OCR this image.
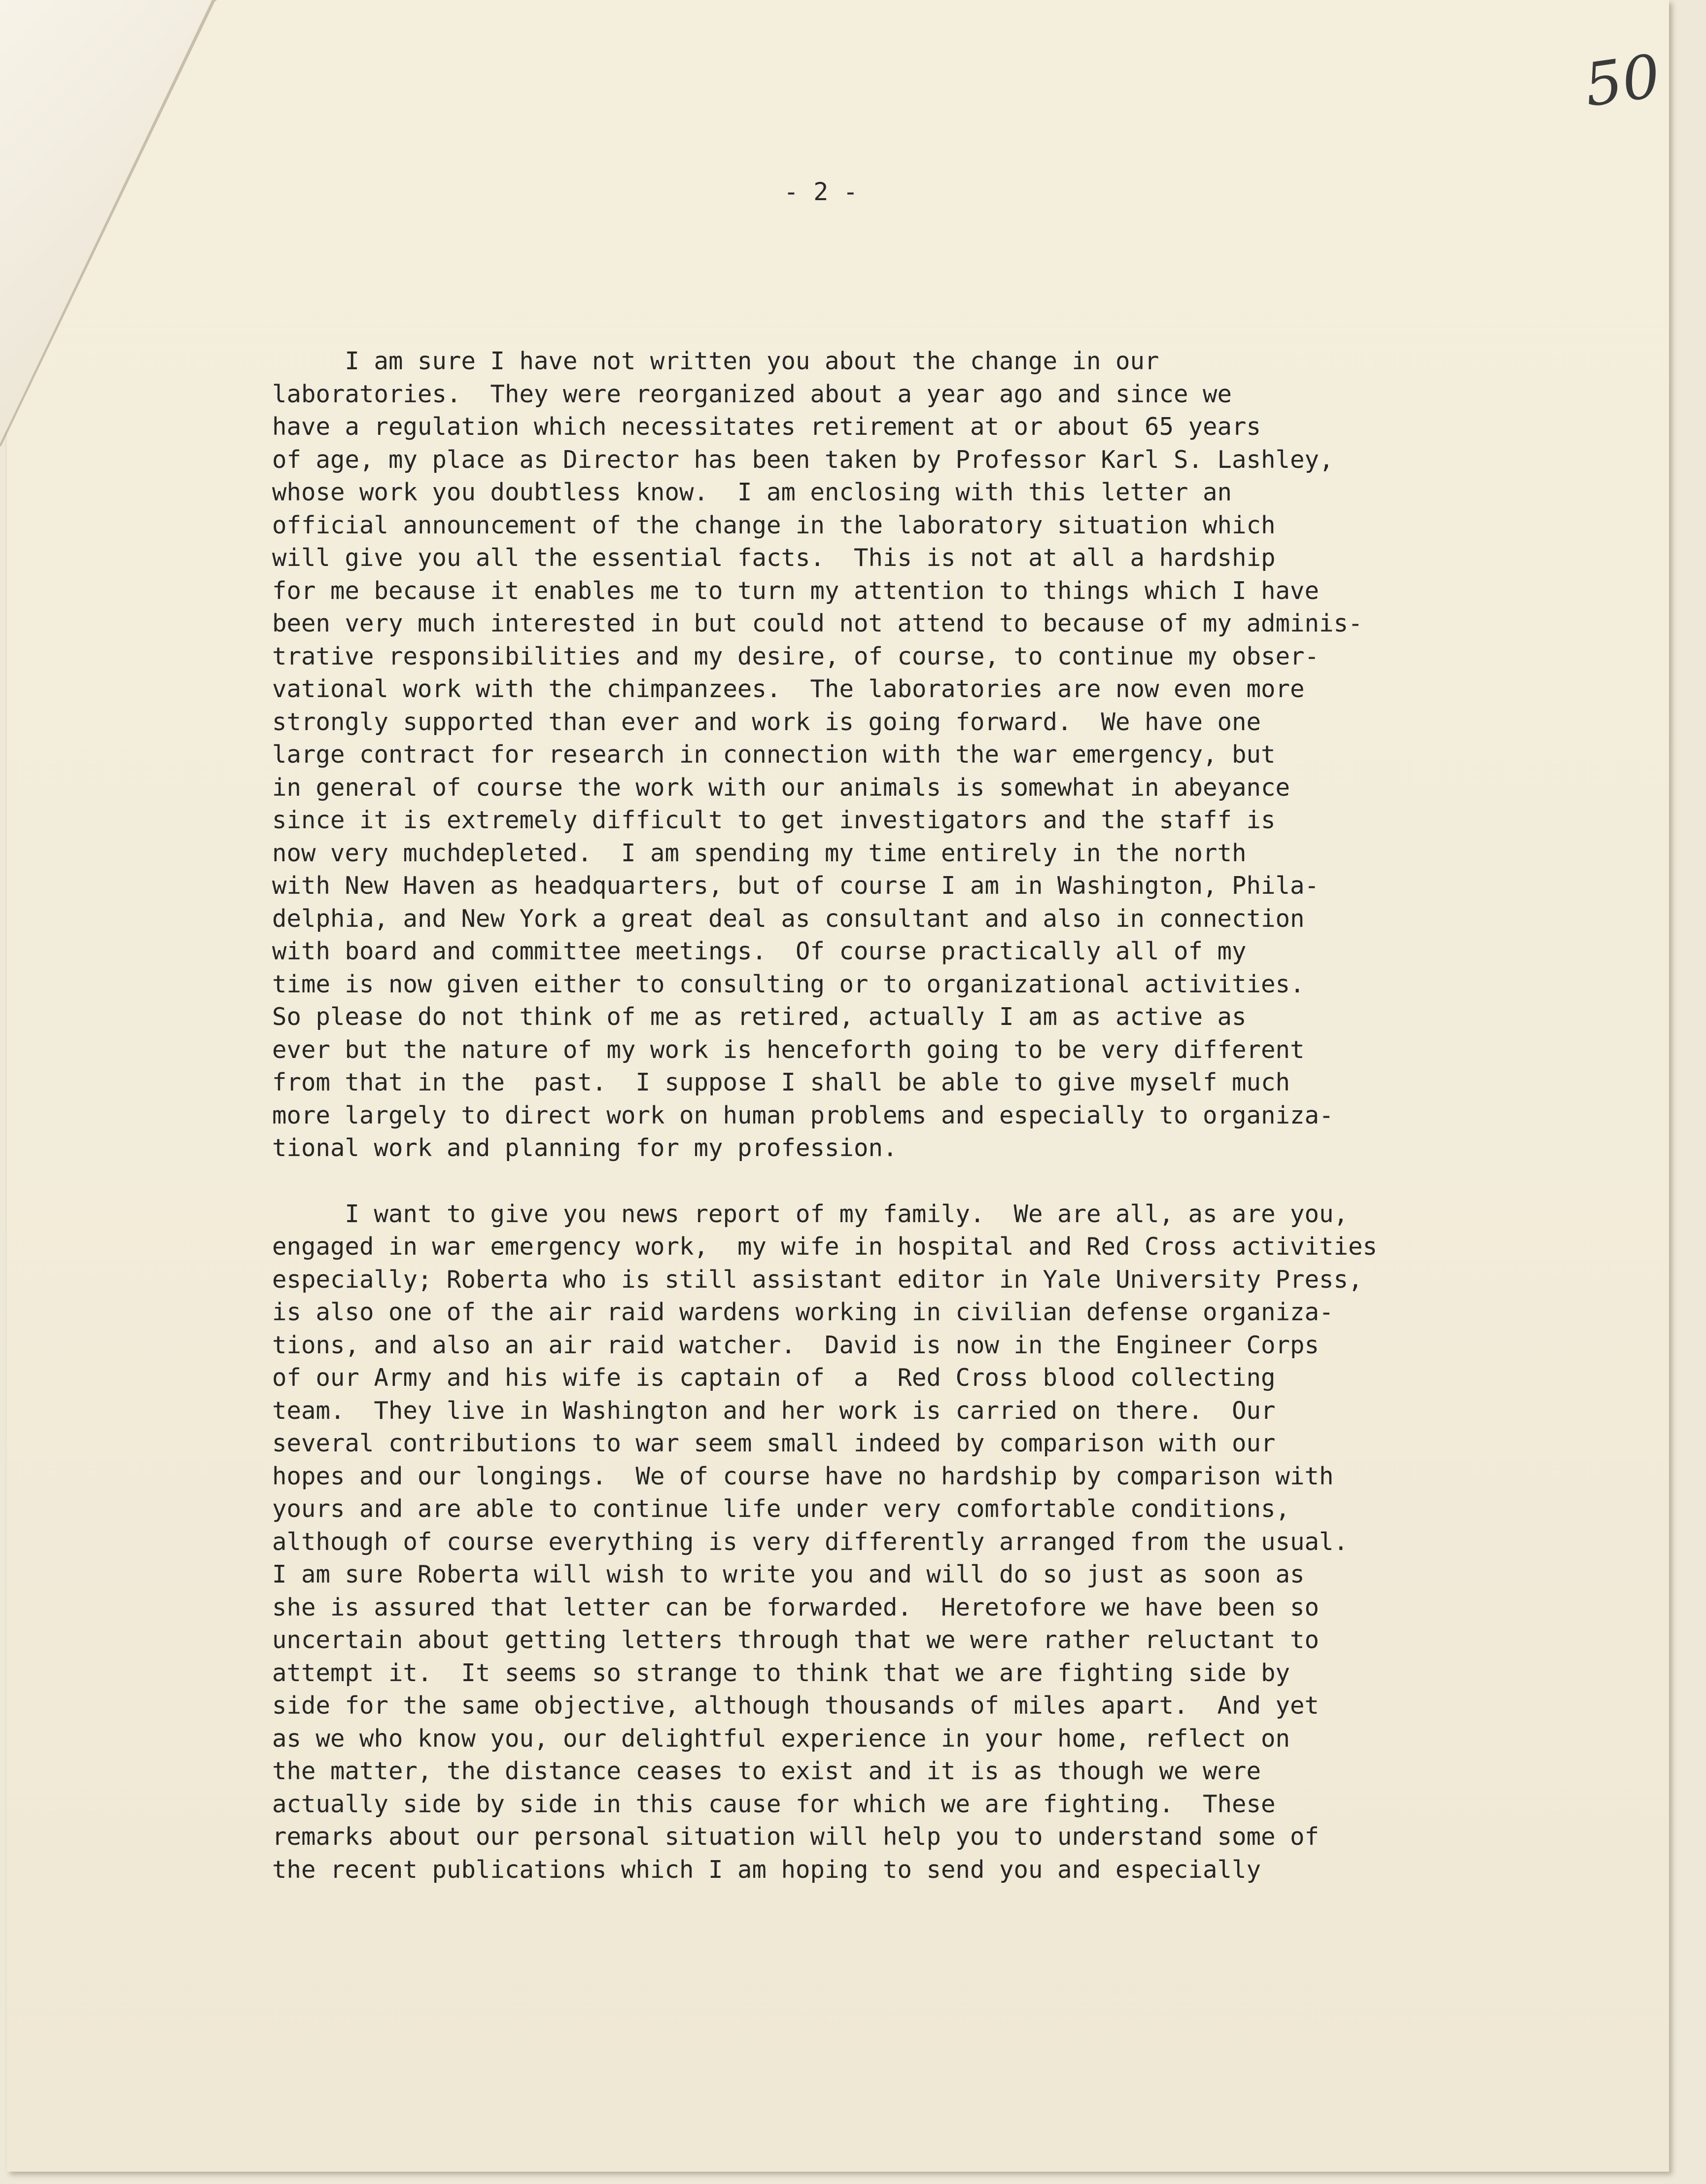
50
- 2 -
I am sure I have not written you about the change in our
laboratories.  They were reorganized about a year ago and since we
have a regulation which necessitates retirement at or about 65 years
of age, my place as Director has been taken by Professor Karl S. Lashley,
whose work you doubtless know.  I am enclosing with this letter an
official announcement of the change in the laboratory situation which
will give you all the essential facts.  This is not at all a hardship
for me because it enables me to turn my attention to things which I have
been very much interested in but could not attend to because of my adminis-
trative responsibilities and my desire, of course, to continue my obser-
vational work with the chimpanzees.  The laboratories are now even more
strongly supported than ever and work is going forward.  We have one
large contract for research in connection with the war emergency, but
in general of course the work with our animals is somewhat in abeyance
since it is extremely difficult to get investigators and the staff is
now very muchdepleted.  I am spending my time entirely in the north
with New Haven as headquarters, but of course I am in Washington, Phila-
delphia, and New York a great deal as consultant and also in connection
with board and committee meetings.  Of course practically all of my
time is now given either to consulting or to organizational activities.
So please do not think of me as retired, actually I am as active as
ever but the nature of my work is henceforth going to be very different
from that in the  past.  I suppose I shall be able to give myself much
more largely to direct work on human problems and especially to organiza-
tional work and planning for my profession.
I want to give you news report of my family.  We are all, as are you,
engaged in war emergency work,  my wife in hospital and Red Cross activities
especially; Roberta who is still assistant editor in Yale University Press,
is also one of the air raid wardens working in civilian defense organiza-
tions, and also an air raid watcher.  David is now in the Engineer Corps
of our Army and his wife is captain of  a  Red Cross blood collecting
team.  They live in Washington and her work is carried on there.  Our
several contributions to war seem small indeed by comparison with our
hopes and our longings.  We of course have no hardship by comparison with
yours and are able to continue life under very comfortable conditions,
although of course everything is very differently arranged from the usual.
I am sure Roberta will wish to write you and will do so just as soon as
she is assured that letter can be forwarded.  Heretofore we have been so
uncertain about getting letters through that we were rather reluctant to
attempt it.  It seems so strange to think that we are fighting side by
side for the same objective, although thousands of miles apart.  And yet
as we who know you, our delightful experience in your home, reflect on
the matter, the distance ceases to exist and it is as though we were
actually side by side in this cause for which we are fighting.  These
remarks about our personal situation will help you to understand some of
the recent publications which I am hoping to send you and especially
